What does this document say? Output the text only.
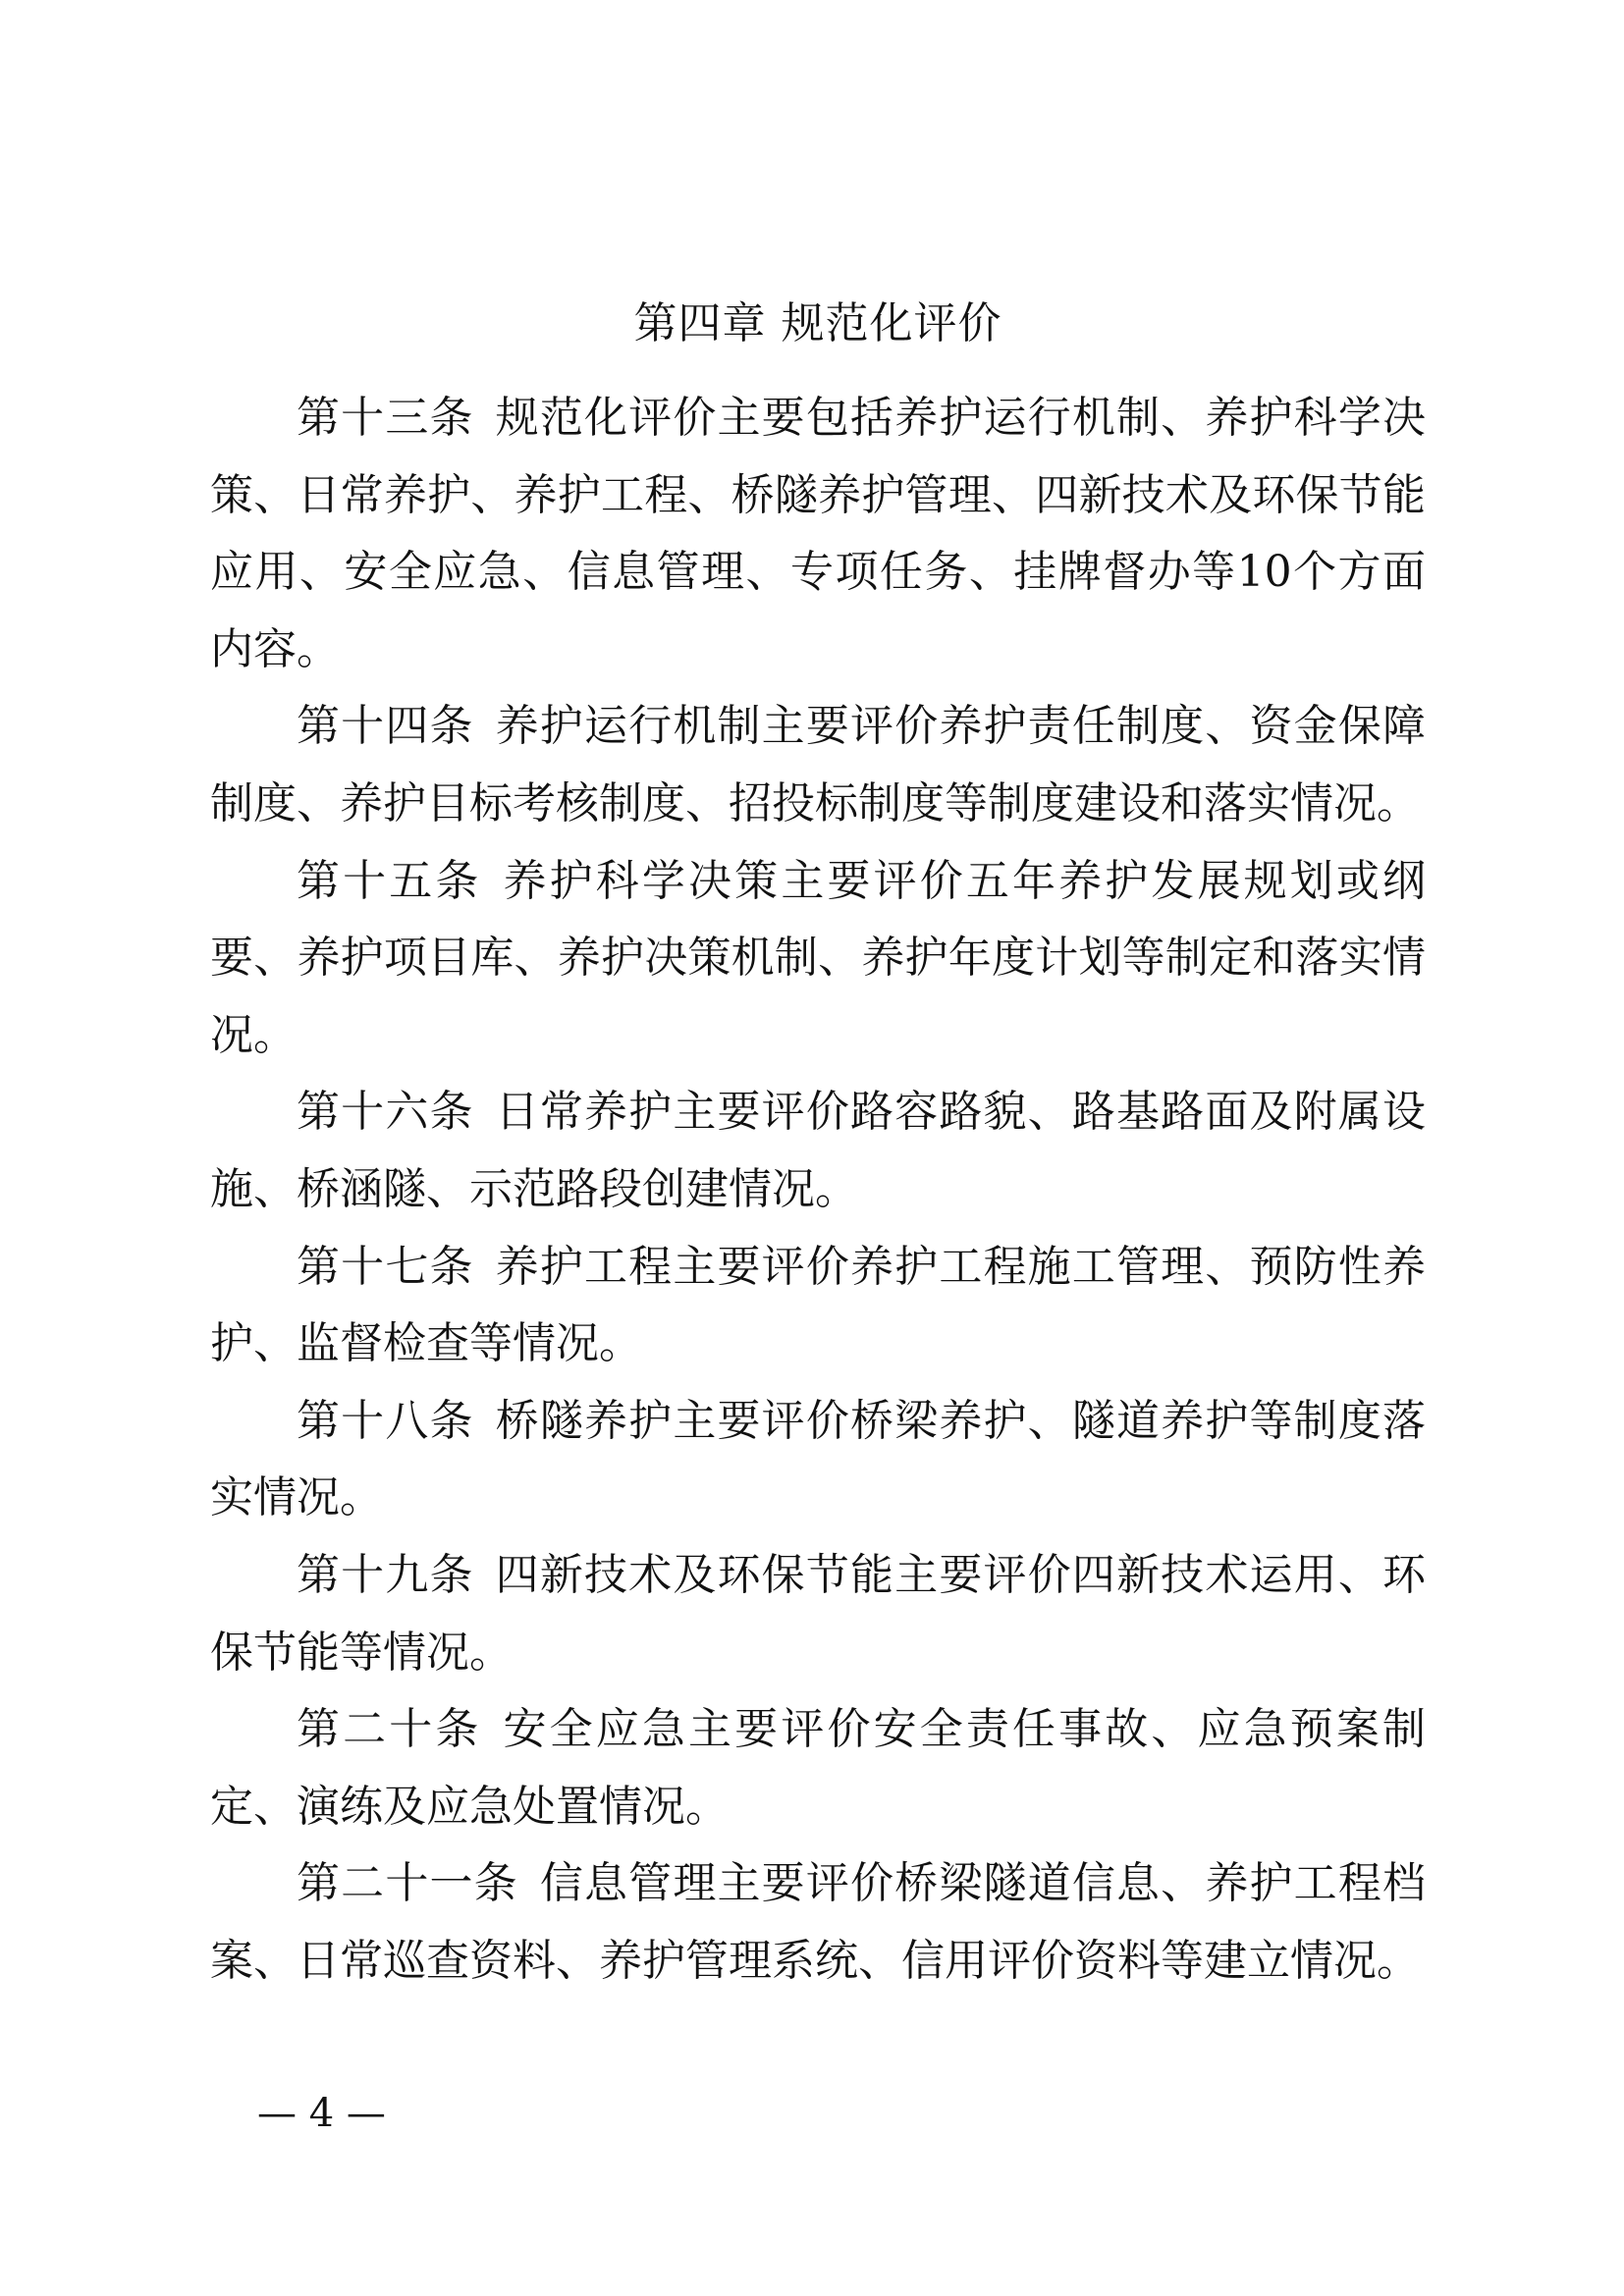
第四章 规范化评价

第十三条 规范化评价主要包括养护运行机制、养护科学决策、日常养护、养护工程、桥隧养护管理、四新技术及环保节能应用、安全应急、信息管理、专项任务、挂牌督办等10个方面内容。

第十四条 养护运行机制主要评价养护责任制度、资金保障制度、养护目标考核制度、招投标制度等制度建设和落实情况。

第十五条 养护科学决策主要评价五年养护发展规划或纲要、养护项目库、养护决策机制、养护年度计划等制定和落实情况。

第十六条 日常养护主要评价路容路貌、路基路面及附属设施、桥涵隧、示范路段创建情况。

第十七条 养护工程主要评价养护工程施工管理、预防性养护、监督检查等情况。

第十八条 桥隧养护主要评价桥梁养护、隧道养护等制度落实情况。

第十九条 四新技术及环保节能主要评价四新技术运用、环保节能等情况。

第二十条 安全应急主要评价安全责任事故、应急预案制定、演练及应急处置情况。

第二十一条 信息管理主要评价桥梁隧道信息、养护工程档案、日常巡查资料、养护管理系统、信用评价资料等建立情况。

— 4 —
